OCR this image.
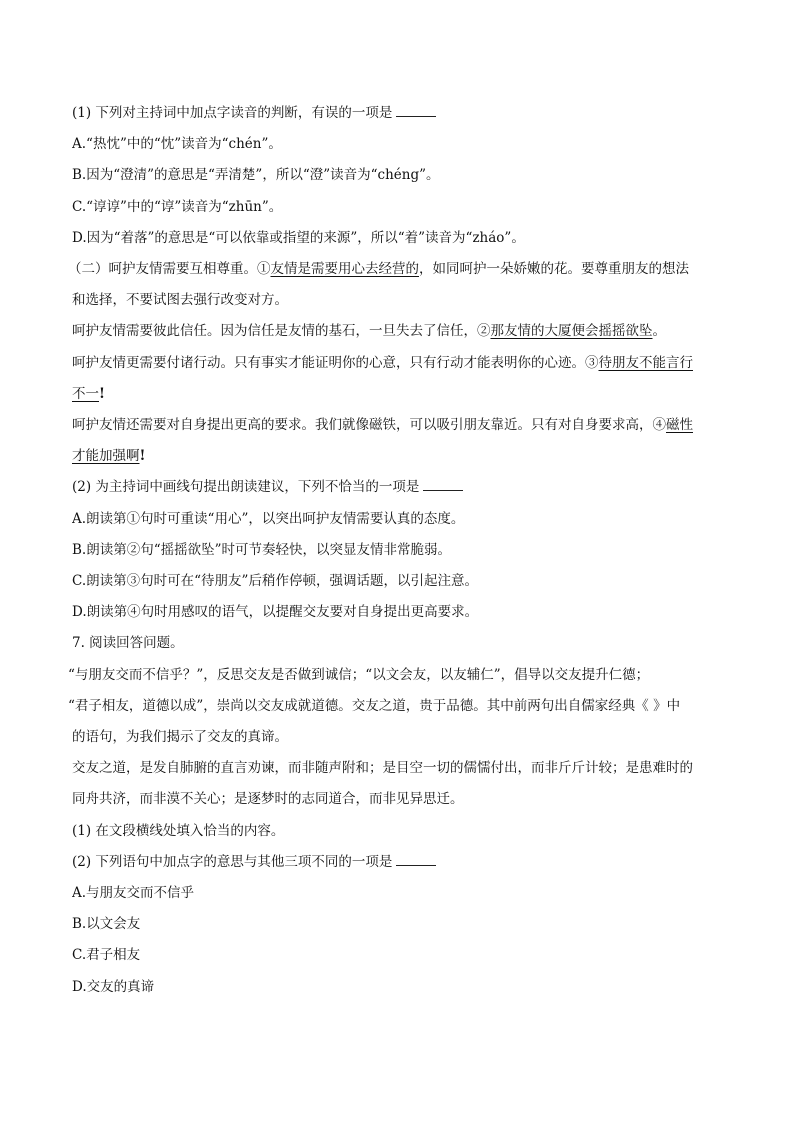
(1) 下列对主持词中加点字读音的判断，有误的一项是
A.“热忱”中的“忱”读音为“chén”。
B.因为“澄清”的意思是“弄清楚”，所以“澄”读音为“chéng”。
C.“谆谆”中的“谆”读音为“zhūn”。
D.因为“着落”的意思是“可以依靠或指望的来源”，所以“着”读音为“zháo”。
（二）呵护友情需要互相尊重。①友情是需要用心去经营的，如同呵护一朵娇嫩的花。要尊重朋友的想法
和选择，不要试图去强行改变对方。
呵护友情需要彼此信任。因为信任是友情的基石，一旦失去了信任，②那友情的大厦便会摇摇欲坠。
呵护友情更需要付诸行动。只有事实才能证明你的心意，只有行动才能表明你的心迹。③待朋友不能言行
不一!
呵护友情还需要对自身提出更高的要求。我们就像磁铁，可以吸引朋友靠近。只有对自身要求高，④磁性
才能加强啊!
(2) 为主持词中画线句提出朗读建议，下列不恰当的一项是
A.朗读第①句时可重读“用心”，以突出呵护友情需要认真的态度。
B.朗读第②句“摇摇欲坠”时可节奏轻快，以突显友情非常脆弱。
C.朗读第③句时可在“待朋友”后稍作停顿，强调话题，以引起注意。
D.朗读第④句时用感叹的语气，以提醒交友要对自身提出更高要求。
7. 阅读回答问题。
“与朋友交而不信乎？”，反思交友是否做到诚信；“以文会友，以友辅仁”，倡导以交友提升仁德；
“君子相友，道德以成”，崇尚以交友成就道德。交友之道，贵于品德。其中前两句出自儒家经典《 》中
的语句，为我们揭示了交友的真谛。
交友之道，是发自肺腑的直言劝谏，而非随声附和；是目空一切的儒懦付出，而非斤斤计较；是患难时的
同舟共济，而非漠不关心；是逐梦时的志同道合，而非见异思迁。
(1) 在文段横线处填入恰当的内容。
(2) 下列语句中加点字的意思与其他三项不同的一项是
A.与朋友交而不信乎
B.以文会友
C.君子相友
D.交友的真谛
